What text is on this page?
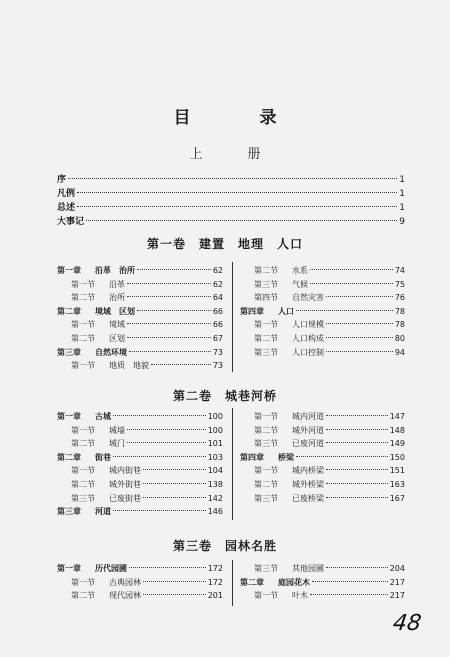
目　录
上　册
序	1
凡例	1
总述	1
大事记	9
第一卷　建置　地理　人口
第一章	沿革　治所	62
第一节	沿革	62
第二节	治所	64
第二章	境域　区划	66
第一节	境域	66
第二节	区划	67
第三章	自然环境	73
第一节	地质　地貌	73
第二节	水系	74
第三节	气候	75
第四节	自然灾害	76
第四章	人口	78
第一节	人口规模	78
第二节	人口构成	80
第三节	人口控制	94
第二卷　城巷河桥
第一章	古城	100
第一节	城墙	100
第二节	城门	101
第二章	街巷	103
第一节	城内街巷	104
第二节	城外街巷	138
第三节	已废街巷	142
第三章	河道	146
第一节	城内河道	147
第二节	城外河道	148
第三节	已废河道	149
第四章	桥梁	150
第一节	城内桥梁	151
第二节	城外桥梁	163
第三节	已废桥梁	167
第三卷　园林名胜
第一章	历代园圃	172
第一节	古典园林	172
第二节	现代园林	201
第三节	其他园圃	204
第二章	庭园花木	217
第一节	叶木	217
48
